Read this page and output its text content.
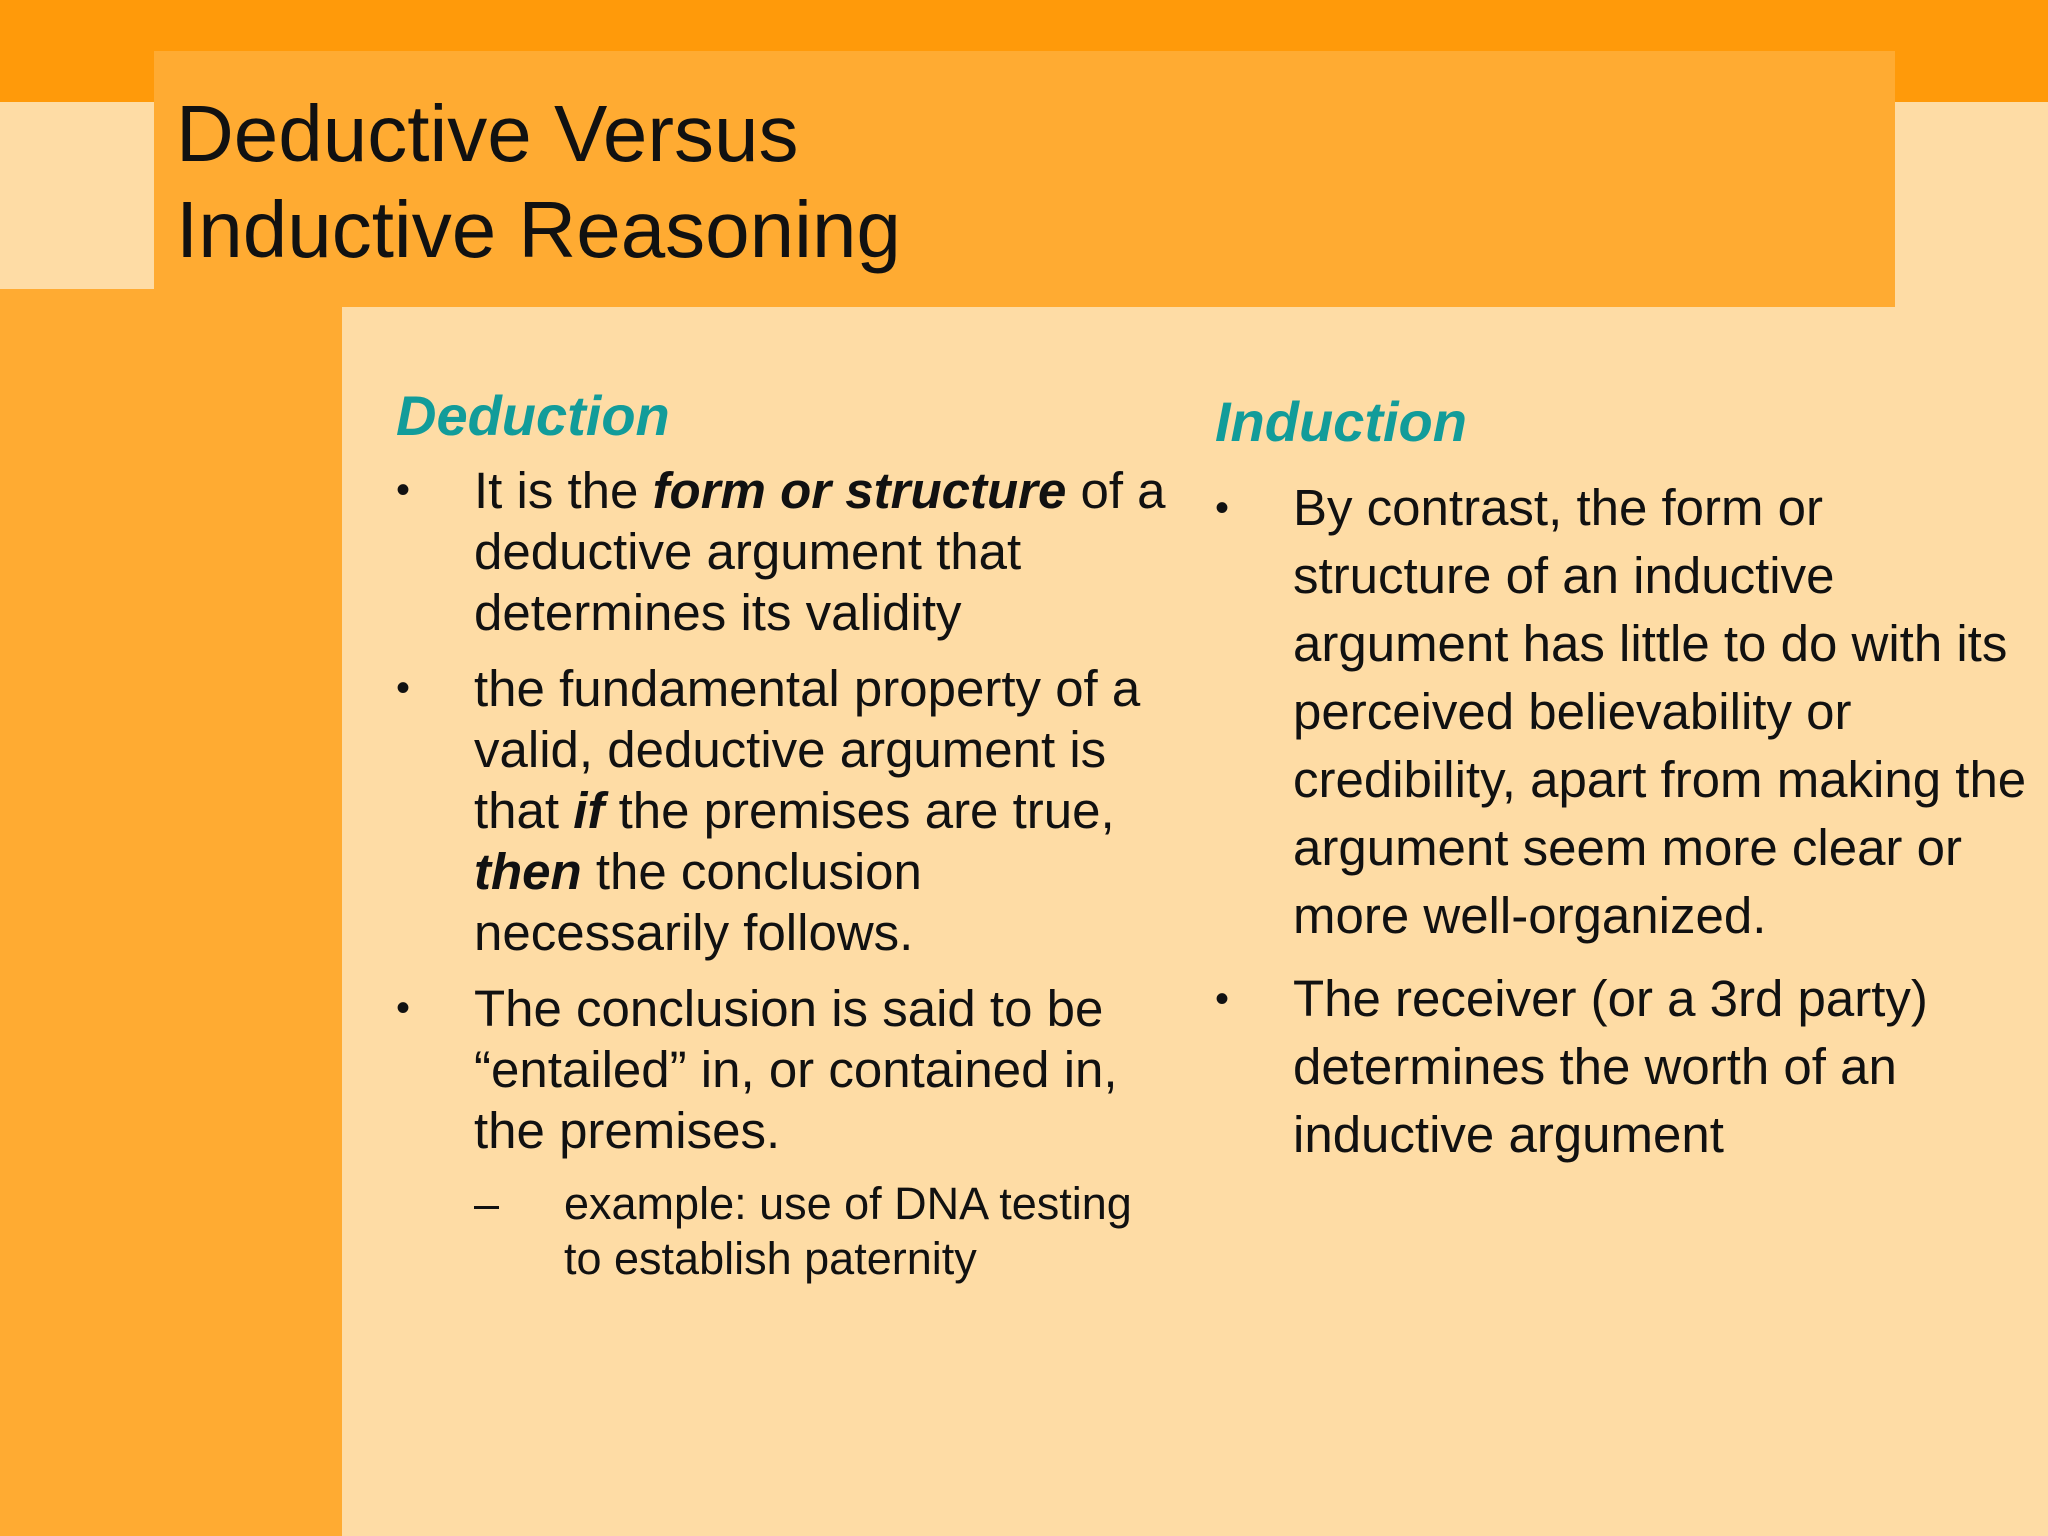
Deductive Versus
Inductive Reasoning
Deduction
• It is the form or structure of a deductive argument that determines its validity
• the fundamental property of a valid, deductive argument is that if the premises are true, then the conclusion necessarily follows.
• The conclusion is said to be “entailed” in, or contained in, the premises.
– example: use of DNA testing to establish paternity
Induction
• By contrast, the form or structure of an inductive argument has little to do with its perceived believability or credibility, apart from making the argument seem more clear or more well-organized.
• The receiver (or a 3rd party) determines the worth of an inductive argument
